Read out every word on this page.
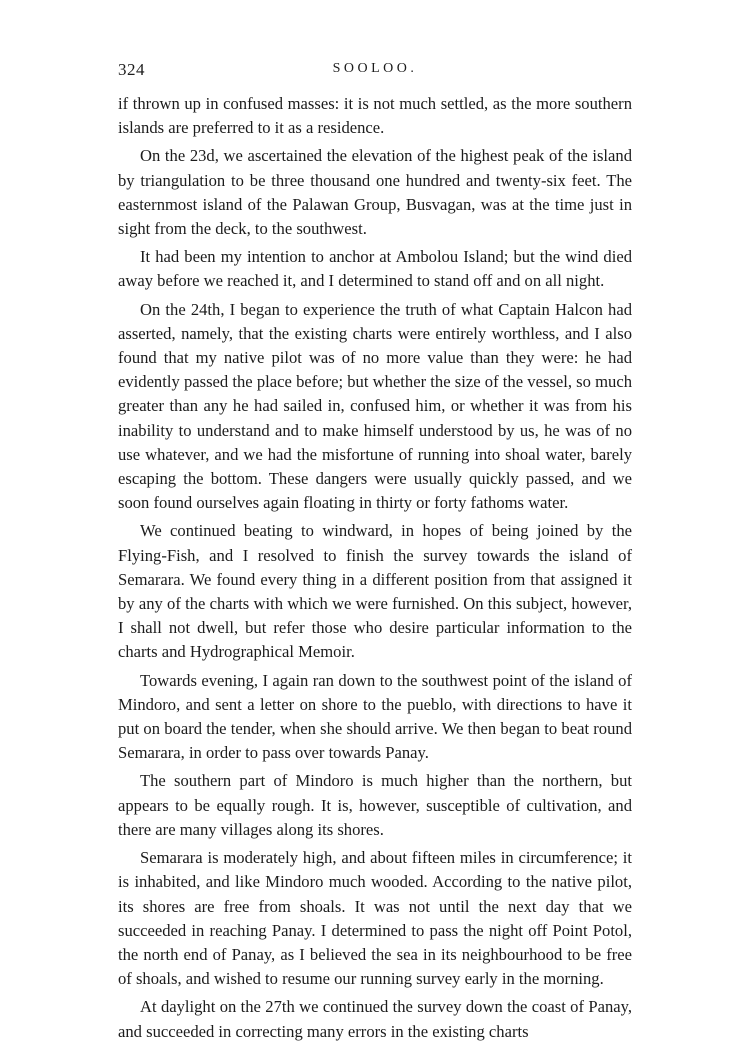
324	SOOLOO.

if thrown up in confused masses: it is not much settled, as the more southern islands are preferred to it as a residence.

On the 23d, we ascertained the elevation of the highest peak of the island by triangulation to be three thousand one hundred and twenty-six feet. The easternmost island of the Palawan Group, Busvagan, was at the time just in sight from the deck, to the southwest.

It had been my intention to anchor at Ambolou Island; but the wind died away before we reached it, and I determined to stand off and on all night.

On the 24th, I began to experience the truth of what Captain Halcon had asserted, namely, that the existing charts were entirely worthless, and I also found that my native pilot was of no more value than they were: he had evidently passed the place before; but whether the size of the vessel, so much greater than any he had sailed in, confused him, or whether it was from his inability to understand and to make himself understood by us, he was of no use whatever, and we had the misfortune of running into shoal water, barely escaping the bottom. These dangers were usually quickly passed, and we soon found ourselves again floating in thirty or forty fathoms water.

We continued beating to windward, in hopes of being joined by the Flying-Fish, and I resolved to finish the survey towards the island of Semarara. We found every thing in a different position from that assigned it by any of the charts with which we were furnished. On this subject, however, I shall not dwell, but refer those who desire particular information to the charts and Hydrographical Memoir.

Towards evening, I again ran down to the southwest point of the island of Mindoro, and sent a letter on shore to the pueblo, with directions to have it put on board the tender, when she should arrive. We then began to beat round Semarara, in order to pass over towards Panay.

The southern part of Mindoro is much higher than the northern, but appears to be equally rough. It is, however, susceptible of cultivation, and there are many villages along its shores.

Semarara is moderately high, and about fifteen miles in circumference; it is inhabited, and like Mindoro much wooded. According to the native pilot, its shores are free from shoals. It was not until the next day that we succeeded in reaching Panay. I determined to pass the night off Point Potol, the north end of Panay, as I believed the sea in its neighbourhood to be free of shoals, and wished to resume our running survey early in the morning.

At daylight on the 27th we continued the survey down the coast of Panay, and succeeded in correcting many errors in the existing charts
